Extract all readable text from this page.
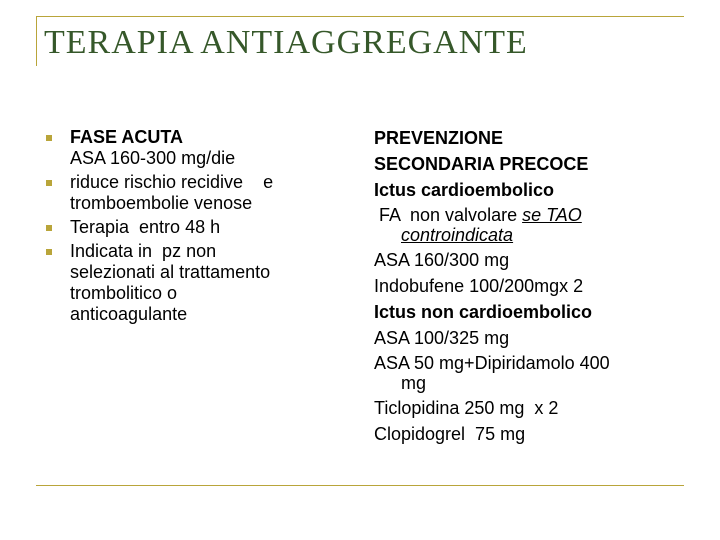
TERAPIA ANTIAGGREGANTE
FASE ACUTA
ASA 160-300 mg/die
riduce rischio recidive    e
tromboembolie venose
Terapia  entro 48 h
Indicata in  pz non
selezionati al trattamento
trombolitico o
anticoagulante
PREVENZIONE
SECONDARIA PRECOCE
Ictus cardioembolico
FA  non valvolare se TAO
controindicata
ASA 160/300 mg
Indobufene 100/200mgx 2
Ictus non cardioembolico
ASA 100/325 mg
ASA 50 mg+Dipiridamolo 400
mg
Ticlopidina 250 mg  x 2
Clopidogrel  75 mg
